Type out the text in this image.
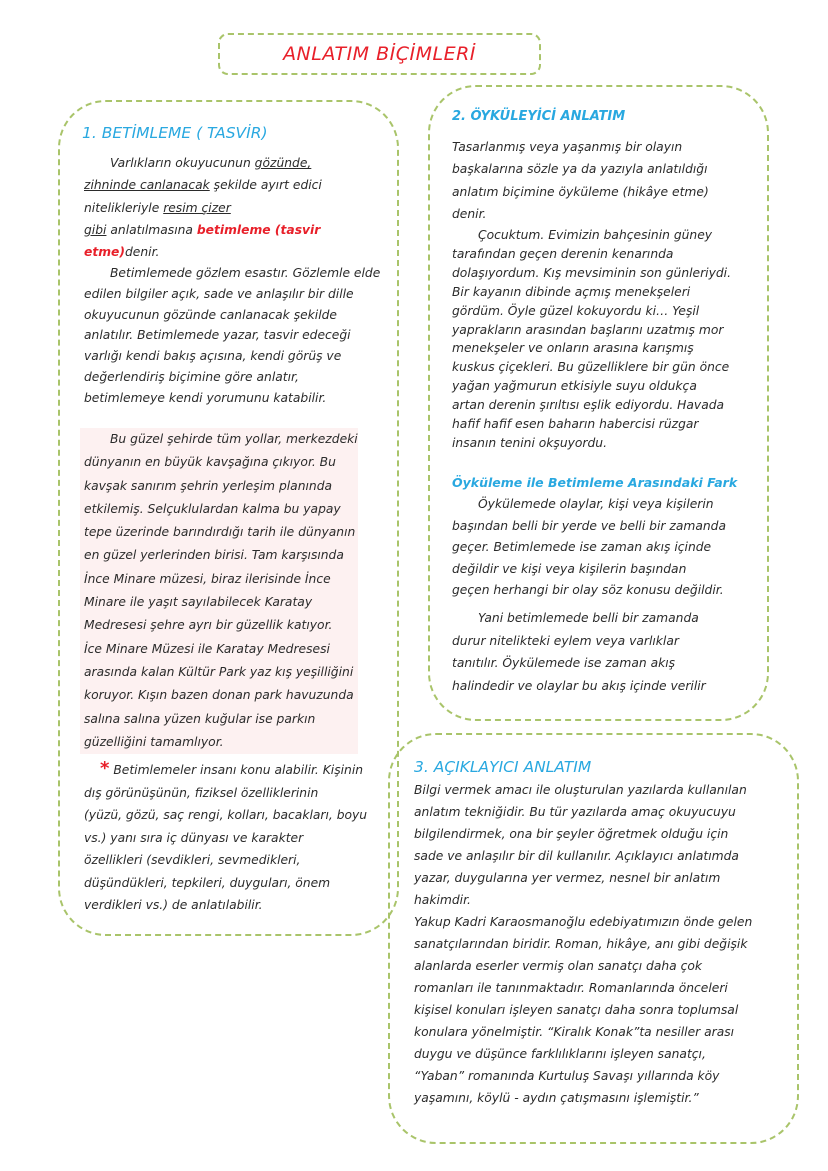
ANLATIM BİÇİMLERİ
1. BETİMLEME ( TASVİR)
Varlıkların okuyucunun gözünde,
zihninde canlanacak şekilde ayırt edici
nitelikleriyle resim çizer
gibi anlatılmasına betimleme (tasvir
etme)denir.
Betimlemede gözlem esastır. Gözlemle elde
edilen bilgiler açık, sade ve anlaşılır bir dille
okuyucunun gözünde canlanacak şekilde
anlatılır. Betimlemede yazar, tasvir edeceği
varlığı kendi bakış açısına, kendi görüş ve
değerlendiriş biçimine göre anlatır,
betimlemeye kendi yorumunu katabilir.
Bu güzel şehirde tüm yollar, merkezdeki
dünyanın en büyük kavşağına çıkıyor. Bu
kavşak sanırım şehrin yerleşim planında
etkilemiş. Selçuklulardan kalma bu yapay
tepe üzerinde barındırdığı tarih ile dünyanın
en güzel yerlerinden birisi. Tam karşısında
İnce Minare müzesi, biraz ilerisinde İnce
Minare ile yaşıt sayılabilecek Karatay
Medresesi şehre ayrı bir güzellik katıyor.
İce Minare Müzesi ile Karatay Medresesi
arasında kalan Kültür Park yaz kış yeşilliğini
koruyor. Kışın bazen donan park havuzunda
salına salına yüzen kuğular ise parkın
güzelliğini tamamlıyor.
* Betimlemeler insanı konu alabilir. Kişinin
dış görünüşünün, fiziksel özelliklerinin
(yüzü, gözü, saç rengi, kolları, bacakları, boyu
vs.) yanı sıra iç dünyası ve karakter
özellikleri (sevdikleri, sevmedikleri,
düşündükleri, tepkileri, duyguları, önem
verdikleri vs.) de anlatılabilir.
2. ÖYKÜLEYİCİ ANLATIM
Tasarlanmış veya yaşanmış bir olayın
başkalarına sözle ya da yazıyla anlatıldığı
anlatım biçimine öyküleme (hikâye etme)
denir.
Çocuktum. Evimizin bahçesinin güney
tarafından geçen derenin kenarında
dolaşıyordum. Kış mevsiminin son günleriydi.
Bir kayanın dibinde açmış menekşeleri
gördüm. Öyle güzel kokuyordu ki… Yeşil
yaprakların arasından başlarını uzatmış mor
menekşeler ve onların arasına karışmış
kuskus çiçekleri. Bu güzelliklere bir gün önce
yağan yağmurun etkisiyle suyu oldukça
artan derenin şırıltısı eşlik ediyordu. Havada
hafif hafif esen baharın habercisi rüzgar
insanın tenini okşuyordu.
Öyküleme ile Betimleme Arasındaki Fark
Öykülemede olaylar, kişi veya kişilerin
başından belli bir yerde ve belli bir zamanda
geçer. Betimlemede ise zaman akış içinde
değildir ve kişi veya kişilerin başından
geçen herhangi bir olay söz konusu değildir.
Yani betimlemede belli bir zamanda
durur nitelikteki eylem veya varlıklar
tanıtılır. Öykülemede ise zaman akış
halindedir ve olaylar bu akış içinde verilir
3. AÇIKLAYICI ANLATIM
Bilgi vermek amacı ile oluşturulan yazılarda kullanılan
anlatım tekniğidir. Bu tür yazılarda amaç okuyucuyu
bilgilendirmek, ona bir şeyler öğretmek olduğu için
sade ve anlaşılır bir dil kullanılır. Açıklayıcı anlatımda
yazar, duygularına yer vermez, nesnel bir anlatım
hakimdir.
Yakup Kadri Karaosmanoğlu edebiyatımızın önde gelen
sanatçılarından biridir. Roman, hikâye, anı gibi değişik
alanlarda eserler vermiş olan sanatçı daha çok
romanları ile tanınmaktadır. Romanlarında önceleri
kişisel konuları işleyen sanatçı daha sonra toplumsal
konulara yönelmiştir. “Kiralık Konak”ta nesiller arası
duygu ve düşünce farklılıklarını işleyen sanatçı,
“Yaban” romanında Kurtuluş Savaşı yıllarında köy
yaşamını, köylü - aydın çatışmasını işlemiştir.”
